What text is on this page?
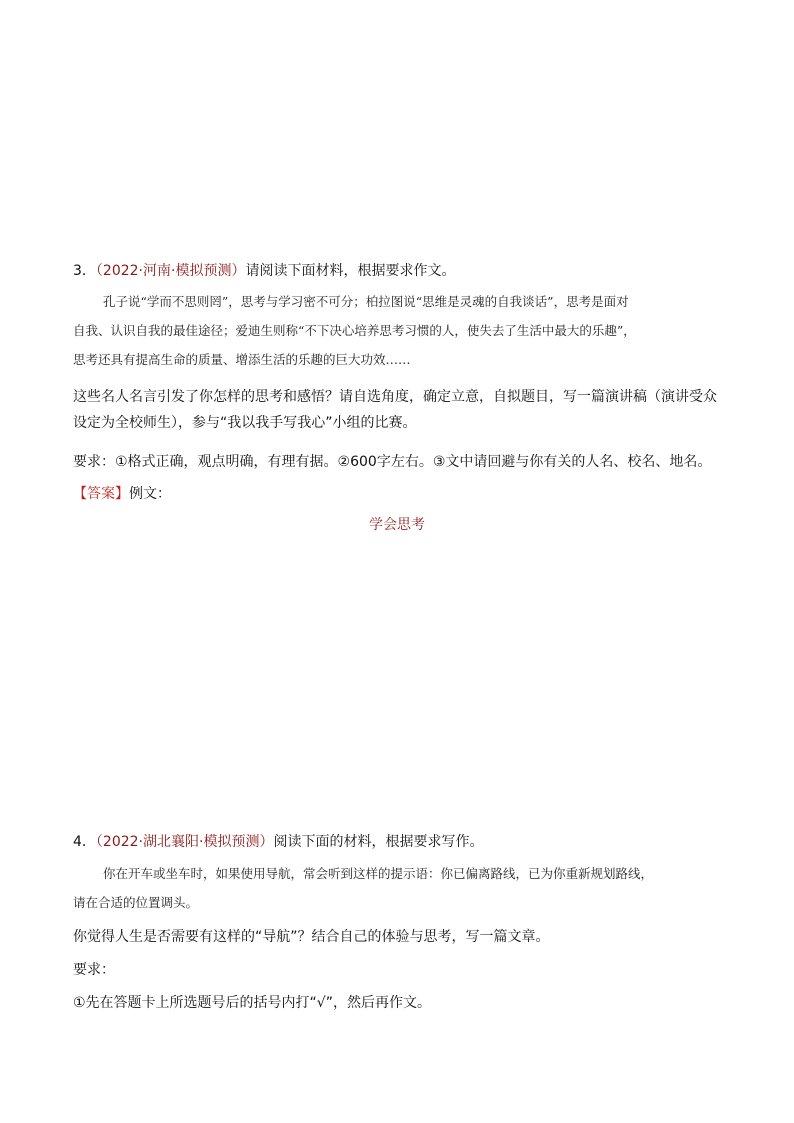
3．（2022·河南·模拟预测）请阅读下面材料，根据要求作文。

孔子说“学而不思则罔”，思考与学习密不可分；柏拉图说“思维是灵魂的自我谈话”，思考是面对

自我、认识自我的最佳途径；爱迪生则称“不下决心培养思考习惯的人，使失去了生活中最大的乐趣”，

思考还具有提高生命的质量、增添生活的乐趣的巨大功效……

这些名人名言引发了你怎样的思考和感悟？请自选角度，确定立意，自拟题目，写一篇演讲稿（演讲受众

设定为全校师生），参与“我以我手写我心”小组的比赛。

要求：①格式正确，观点明确，有理有据。②600字左右。③文中请回避与你有关的人名、校名、地名。

【答案】例文：
学会思考
4．（2022·湖北襄阳·模拟预测）阅读下面的材料，根据要求写作。

你在开车或坐车时，如果使用导航，常会听到这样的提示语：你已偏离路线，已为你重新规划路线，

请在合适的位置调头。

你觉得人生是否需要有这样的“导航”？结合自己的体验与思考，写一篇文章。

要求：

①先在答题卡上所选题号后的括号内打“√”，然后再作文。
